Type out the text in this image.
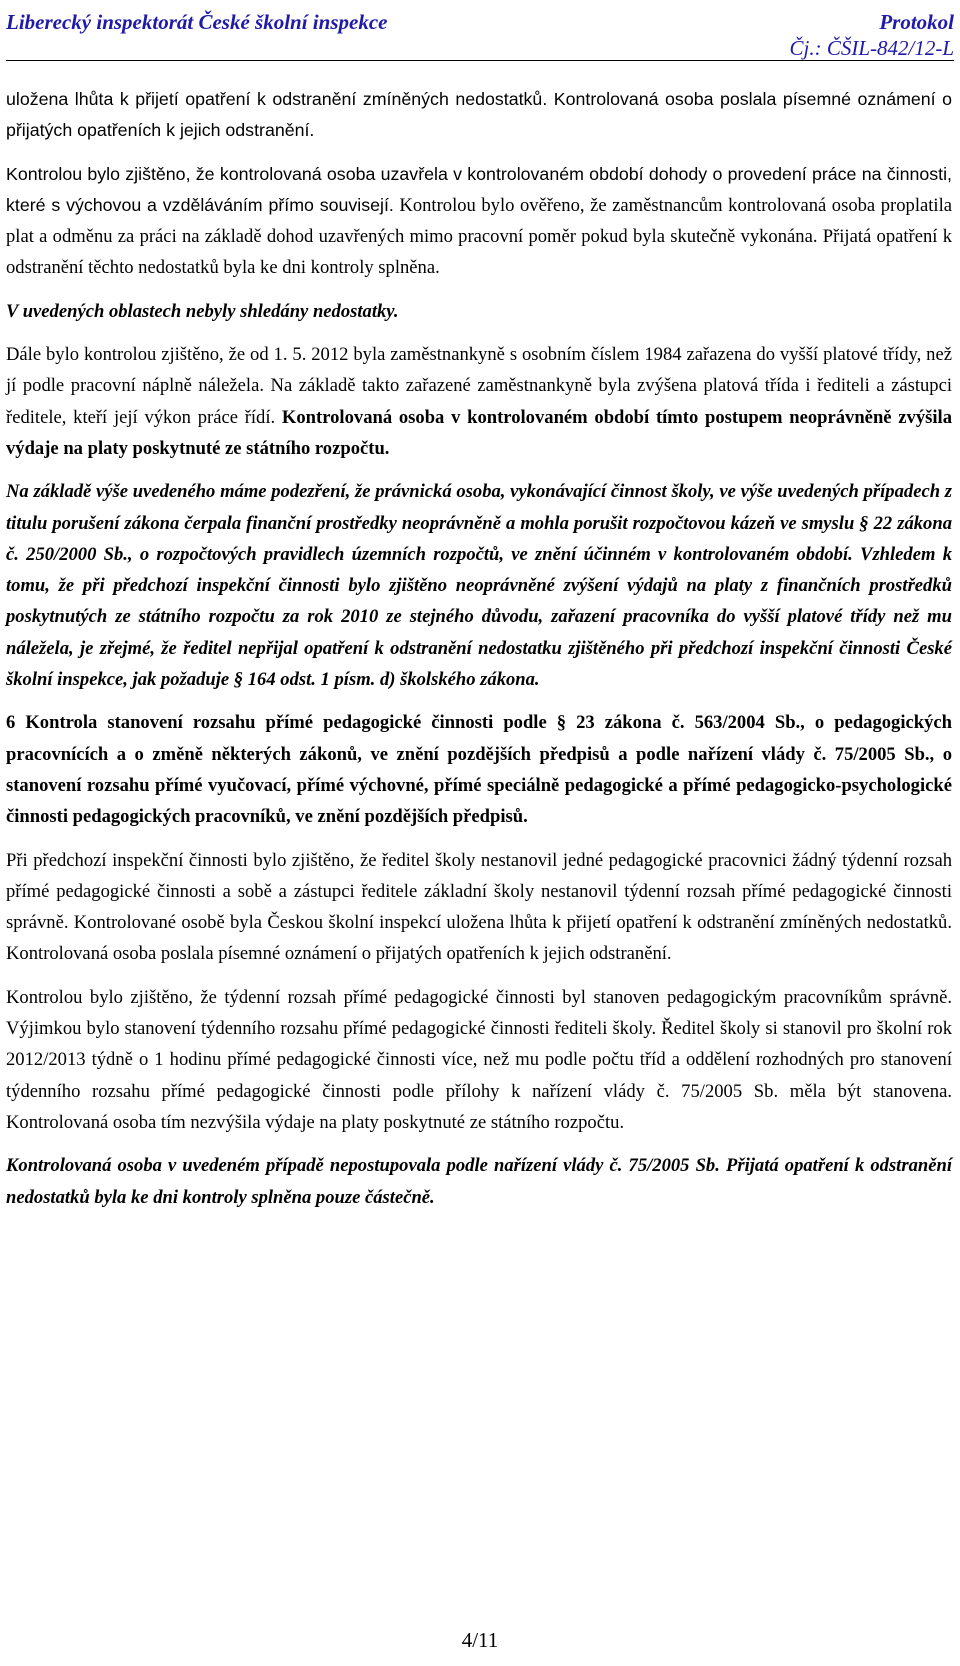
Liberecký inspektorát České školní inspekce	Protokol
Čj.: ČŠIL-842/12-L

uložena lhůta k přijetí opatření k odstranění zmíněných nedostatků. Kontrolovaná osoba poslala písemné oznámení o přijatých opatřeních k jejich odstranění.

Kontrolou bylo zjištěno, že kontrolovaná osoba uzavřela v kontrolovaném období dohody o provedení práce na činnosti, které s výchovou a vzděláváním přímo souvisejí. Kontrolou bylo ověřeno, že zaměstnancům kontrolovaná osoba proplatila plat a odměnu za práci na základě dohod uzavřených mimo pracovní poměr pokud byla skutečně vykonána. Přijatá opatření k odstranění těchto nedostatků byla ke dni kontroly splněna.

V uvedených oblastech nebyly shledány nedostatky.

Dále bylo kontrolou zjištěno, že od 1. 5. 2012 byla zaměstnankyně s osobním číslem 1984 zařazena do vyšší platové třídy, než jí podle pracovní náplně náležela. Na základě takto zařazené zaměstnankyně byla zvýšena platová třída i řediteli a zástupci ředitele, kteří její výkon práce řídí. Kontrolovaná osoba v kontrolovaném období tímto postupem neoprávněně zvýšila výdaje na platy poskytnuté ze státního rozpočtu.

Na základě výše uvedeného máme podezření, že právnická osoba, vykonávající činnost školy, ve výše uvedených případech z titulu porušení zákona čerpala finanční prostředky neoprávněně a mohla porušit rozpočtovou kázeň ve smyslu § 22 zákona č. 250/2000 Sb., o rozpočtových pravidlech územních rozpočtů, ve znění účinném v kontrolovaném období. Vzhledem k tomu, že při předchozí inspekční činnosti bylo zjištěno neoprávněné zvýšení výdajů na platy z finančních prostředků poskytnutých ze státního rozpočtu za rok 2010 ze stejného důvodu, zařazení pracovníka do vyšší platové třídy než mu náležela, je zřejmé, že ředitel nepřijal opatření k odstranění nedostatku zjištěného při předchozí inspekční činnosti České školní inspekce, jak požaduje § 164 odst. 1 písm. d) školského zákona.

6 Kontrola stanovení rozsahu přímé pedagogické činnosti podle § 23 zákona č. 563/2004 Sb., o pedagogických pracovnících a o změně některých zákonů, ve znění pozdějších předpisů a podle nařízení vlády č. 75/2005 Sb., o stanovení rozsahu přímé vyučovací, přímé výchovné, přímé speciálně pedagogické a přímé pedagogicko-psychologické činnosti pedagogických pracovníků, ve znění pozdějších předpisů.

Při předchozí inspekční činnosti bylo zjištěno, že ředitel školy nestanovil jedné pedagogické pracovnici žádný týdenní rozsah přímé pedagogické činnosti a sobě a zástupci ředitele základní školy nestanovil týdenní rozsah přímé pedagogické činnosti správně. Kontrolované osobě byla Českou školní inspekcí uložena lhůta k přijetí opatření k odstranění zmíněných nedostatků. Kontrolovaná osoba poslala písemné oznámení o přijatých opatřeních k jejich odstranění.

Kontrolou bylo zjištěno, že týdenní rozsah přímé pedagogické činnosti byl stanoven pedagogickým pracovníkům správně. Výjimkou bylo stanovení týdenního rozsahu přímé pedagogické činnosti řediteli školy. Ředitel školy si stanovil pro školní rok 2012/2013 týdně o 1 hodinu přímé pedagogické činnosti více, než mu podle počtu tříd a oddělení rozhodných pro stanovení týdenního rozsahu přímé pedagogické činnosti podle přílohy k nařízení vlády č. 75/2005 Sb. měla být stanovena. Kontrolovaná osoba tím nezvýšila výdaje na platy poskytnuté ze státního rozpočtu.

Kontrolovaná osoba v uvedeném případě nepostupovala podle nařízení vlády č. 75/2005 Sb. Přijatá opatření k odstranění nedostatků byla ke dni kontroly splněna pouze částečně.

4/11
